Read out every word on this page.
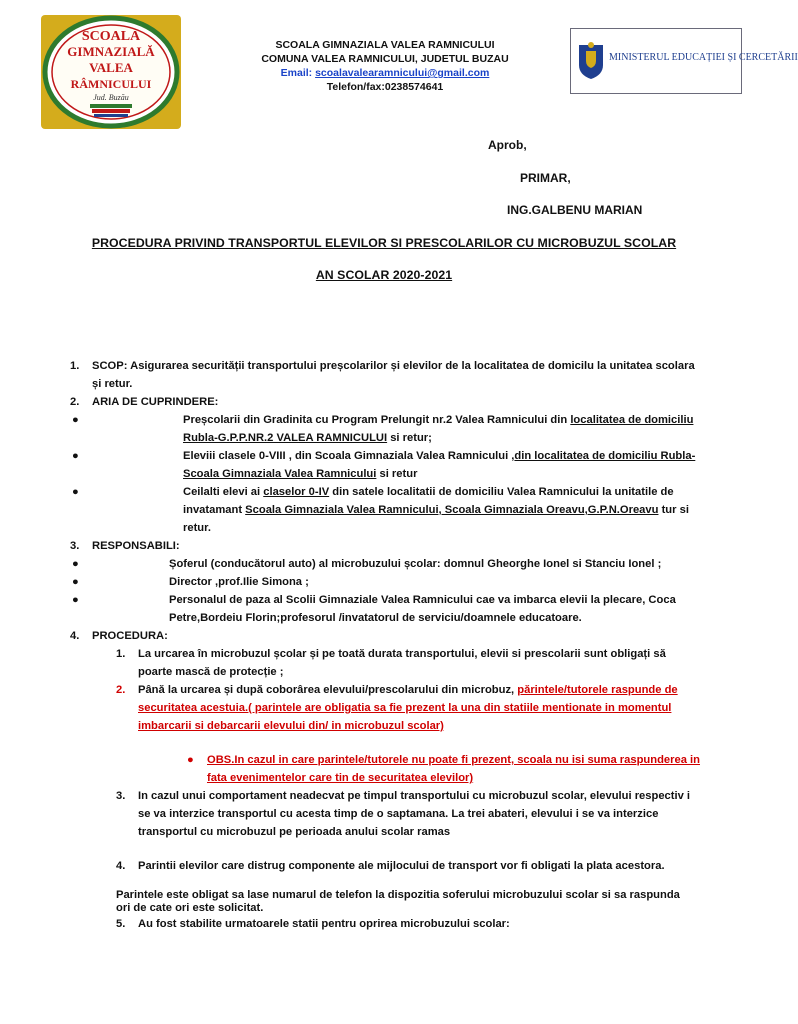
SCOALA
GIMNAZIALĂ
VALEA
RÂMNICULUI
Jud. Buzău
SCOALA GIMNAZIALA VALEA RAMNICULUI
COMUNA VALEA RAMNICULUI, JUDETUL BUZAU
Email: scoalavalearamnicului@gmail.com
Telefon/fax:0238574641
MINISTERUL EDUCAȚIEI ȘI CERCETĂRII
Aprob,
PRIMAR,
ING.GALBENU MARIAN
PROCEDURA PRIVIND TRANSPORTUL ELEVILOR SI PRESCOLARILOR CU MICROBUZUL SCOLAR
AN SCOLAR 2020-2021
1. SCOP: Asigurarea securității transportului preșcolarilor și elevilor de la localitatea de domicilu la unitatea scolara
și retur.
2. ARIA DE CUPRINDERE:
●	Preșcolarii din Gradinita cu Program Prelungit nr.2 Valea Ramnicului din localitatea de domiciliu
Rubla-G.P.P.NR.2 VALEA RAMNICULUI si retur;
●	Eleviii clasele 0-VIII , din Scoala Gimnaziala Valea Ramnicului ,din localitatea de domiciliu Rubla-
Scoala Gimnaziala Valea Ramnicului si retur
●	Ceilalti elevi ai claselor 0-IV din satele localitatii de domiciliu Valea Ramnicului la unitatile de
invatamant Scoala Gimnaziala Valea Ramnicului, Scoala Gimnaziala Oreavu,G.P.N.Oreavu tur si
retur.
3. RESPONSABILI:
●	Șoferul (conducătorul auto) al microbuzului școlar: domnul Gheorghe Ionel si Stanciu Ionel ;
●	Director ,prof.Ilie Simona ;
●	Personalul de paza al Scolii Gimnaziale Valea Ramnicului cae va imbarca elevii la plecare, Coca
Petre,Bordeiu Florin;profesorul /invatatorul de serviciu/doamnele educatoare.
4. PROCEDURA:
1. La urcarea în microbuzul școlar și pe toată durata transportului, elevii si prescolarii sunt obligați să
poarte mască de protecție ;
2. Până la urcarea și după coborârea elevului/prescolarului din microbuz, părintele/tutorele raspunde de
securitatea acestuia.( parintele are obligatia sa fie prezent la una din statiile mentionate in momentul
imbarcarii si debarcarii elevului din/ in microbuzul scolar)
● OBS.In cazul in care parintele/tutorele nu poate fi prezent, scoala nu isi suma raspunderea in
fata evenimentelor care tin de securitatea elevilor)
3. In cazul unui comportament neadecvat pe timpul transportului cu microbuzul scolar, elevului respectiv i
se va interzice transportul cu acesta timp de o saptamana. La trei abateri, elevului i se va interzice
transportul cu microbuzul pe perioada anului scolar ramas
4. Parintii elevilor care distrug componente ale mijlocului de transport vor fi obligati la plata acestora.
Parintele este obligat sa lase numarul de telefon la dispozitia soferului microbuzului scolar si sa raspunda
ori de cate ori este solicitat.
5. Au fost stabilite urmatoarele statii pentru oprirea microbuzului scolar:
